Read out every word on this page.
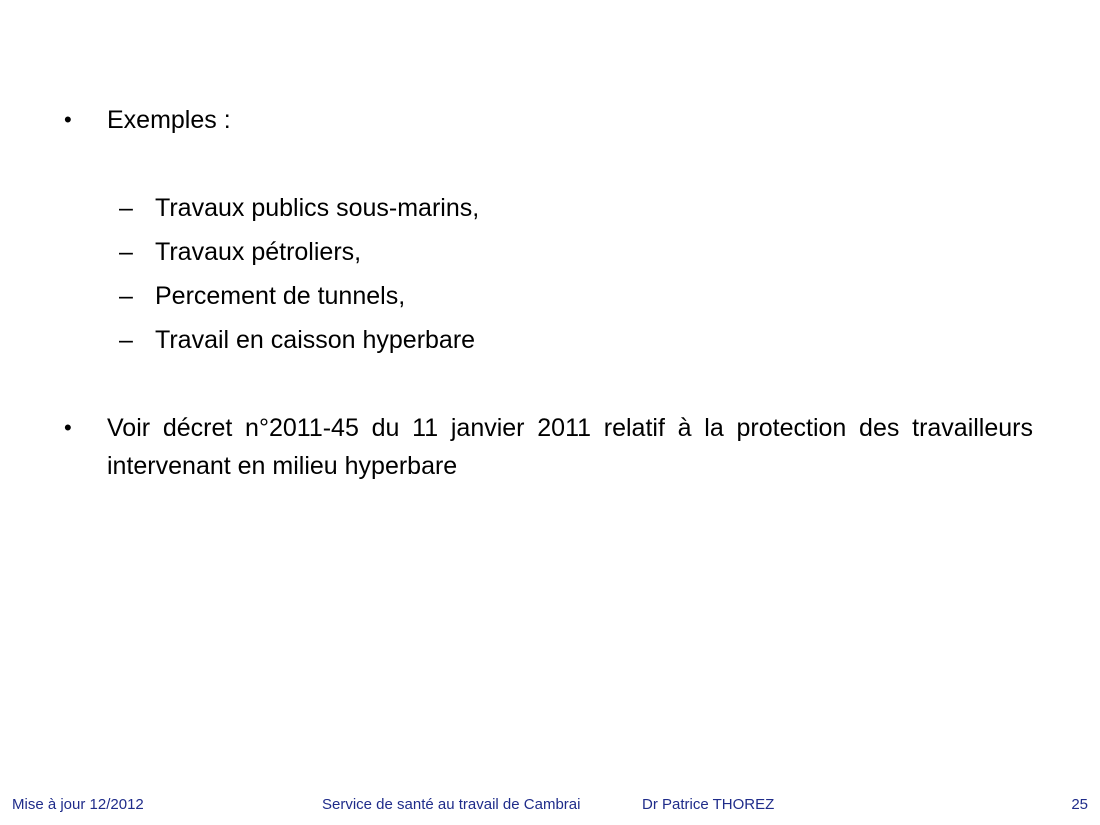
• Exemples :
– Travaux publics sous-marins,
– Travaux pétroliers,
– Percement de tunnels,
– Travail en caisson hyperbare
• Voir décret n°2011-45 du 11 janvier 2011 relatif à la protection des travailleurs intervenant en milieu hyperbare
Mise à jour 12/2012	Service de santé au travail de Cambrai	Dr Patrice THOREZ	25
